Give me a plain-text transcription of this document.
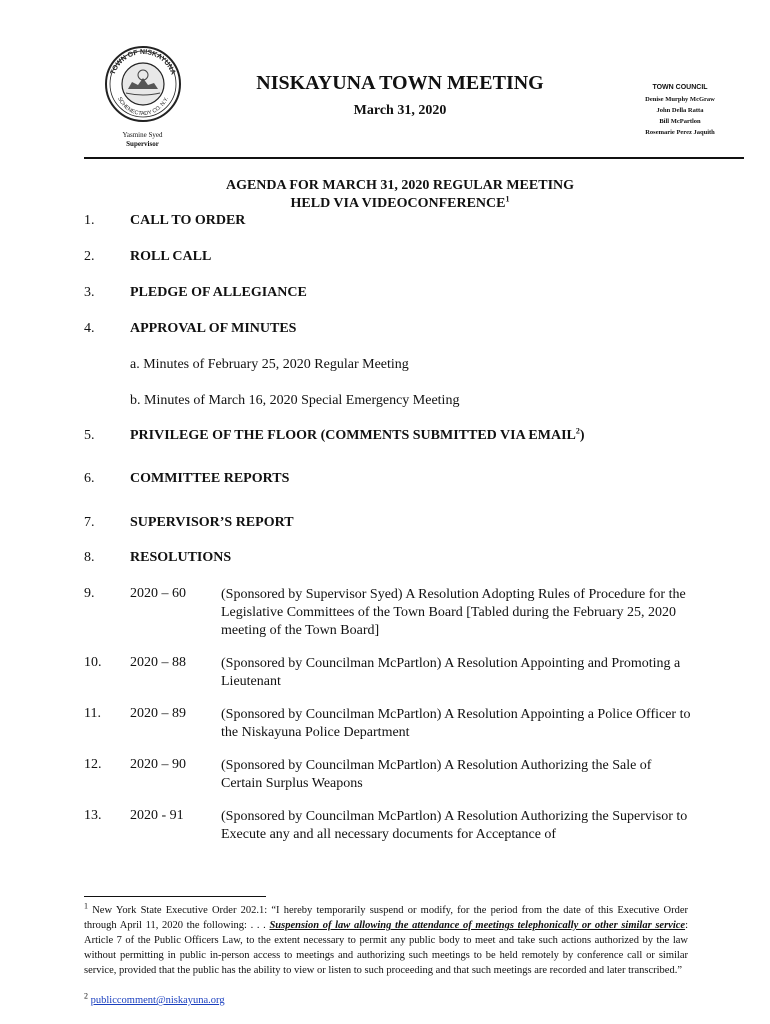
TOWN OF NISKAYUNA
SCHENECTADY CO. N.Y.
NISKAYUNA TOWN MEETING
March 31, 2020
TOWN COUNCIL
Denise Murphy McGraw
John Della Ratta
Bill McPartlon
Rosemarie Perez Jaquith
Yasmine Syed
Supervisor
AGENDA FOR MARCH 31, 2020 REGULAR MEETING
HELD VIA VIDEOCONFERENCE$^1$
1.	CALL TO ORDER
2.	ROLL CALL
3.	PLEDGE OF ALLEGIANCE
4.	APPROVAL OF MINUTES
a. Minutes of February 25, 2020 Regular Meeting
b. Minutes of March 16, 2020 Special Emergency Meeting
5.	PRIVILEGE OF THE FLOOR (COMMENTS SUBMITTED VIA EMAIL$^2$)
6.	COMMITTEE REPORTS
7.	SUPERVISOR’S REPORT
8.	RESOLUTIONS
9.	2020 – 60	(Sponsored by Supervisor Syed) A Resolution Adopting Rules of Procedure for the Legislative Committees of the Town Board [Tabled during the February 25, 2020 meeting of the Town Board]
10. 2020 – 88	(Sponsored by Councilman McPartlon) A Resolution Appointing and Promoting a Lieutenant
11. 2020 – 89	(Sponsored by Councilman McPartlon) A Resolution Appointing a Police Officer to the Niskayuna Police Department
12. 2020 – 90	(Sponsored by Councilman McPartlon) A Resolution Authorizing the Sale of Certain Surplus Weapons
13. 2020 - 91	(Sponsored by Councilman McPartlon) A Resolution Authorizing the Supervisor to Execute any and all necessary documents for Acceptance of
$^1$ New York State Executive Order 202.1: “I hereby temporarily suspend or modify, for the period from the date of this Executive Order through April 11, 2020 the following: . . . Suspension of law allowing the attendance of meetings telephonically or other similar service: Article 7 of the Public Officers Law, to the extent necessary to permit any public body to meet and take such actions authorized by the law without permitting in public in-person access to meetings and authorizing such meetings to be held remotely by conference call or similar service, provided that the public has the ability to view or listen to such proceeding and that such meetings are recorded and later transcribed.”
$^2$ publiccomment@niskayuna.org
